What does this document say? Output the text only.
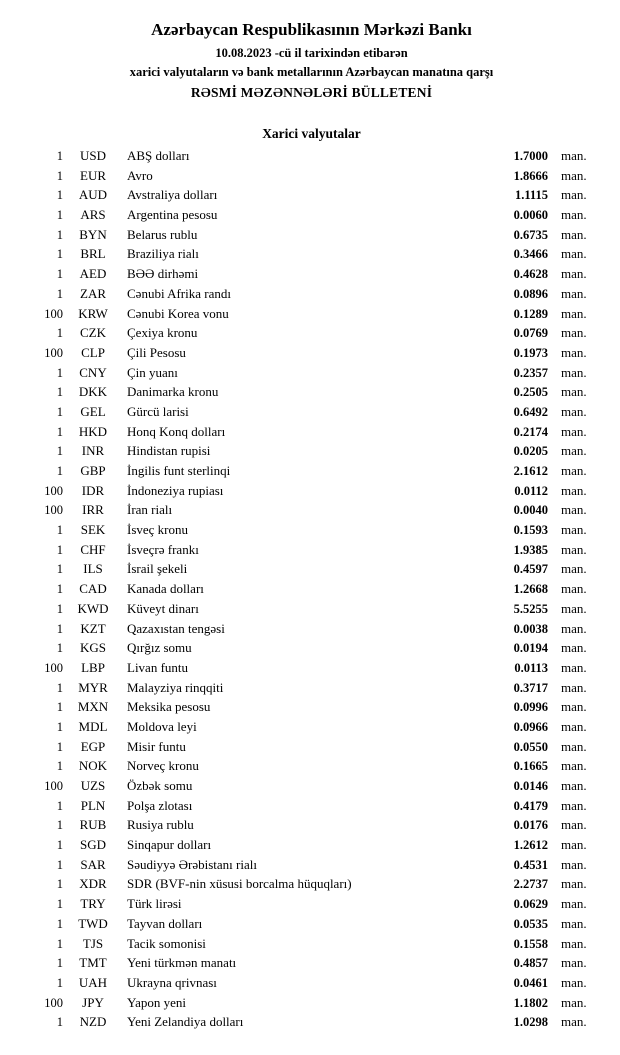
Azərbaycan Respublikasının Mərkəzi Bankı
10.08.2023 -cü il tarixindən etibarən
xarici valyutaların və bank metallarının Azərbaycan manatına qarşı
RƏSMİ MƏZƏNNƏLƏRİ BÜLLETENİ
Xarici valyutalar
1	USD	ABŞ dolları	1.7000	man.
1	EUR	Avro	1.8666	man.
1	AUD	Avstraliya dolları	1.1115	man.
1	ARS	Argentina pesosu	0.0060	man.
1	BYN	Belarus rublu	0.6735	man.
1	BRL	Braziliya rialı	0.3466	man.
1	AED	BƏƏ dirhəmi	0.4628	man.
1	ZAR	Cənubi Afrika randı	0.0896	man.
100	KRW	Cənubi Korea vonu	0.1289	man.
1	CZK	Çexiya kronu	0.0769	man.
100	CLP	Çili Pesosu	0.1973	man.
1	CNY	Çin yuanı	0.2357	man.
1	DKK	Danimarka kronu	0.2505	man.
1	GEL	Gürcü larisi	0.6492	man.
1	HKD	Honq Konq dolları	0.2174	man.
1	INR	Hindistan rupisi	0.0205	man.
1	GBP	İngilis funt sterlinqi	2.1612	man.
100	IDR	İndoneziya rupiası	0.0112	man.
100	IRR	İran rialı	0.0040	man.
1	SEK	İsveç kronu	0.1593	man.
1	CHF	İsveçrə frankı	1.9385	man.
1	ILS	İsrail şekeli	0.4597	man.
1	CAD	Kanada dolları	1.2668	man.
1	KWD	Küveyt dinarı	5.5255	man.
1	KZT	Qazaxıstan tengəsi	0.0038	man.
1	KGS	Qırğız somu	0.0194	man.
100	LBP	Livan funtu	0.0113	man.
1	MYR	Malayziya rinqqiti	0.3717	man.
1	MXN	Meksika pesosu	0.0996	man.
1	MDL	Moldova leyi	0.0966	man.
1	EGP	Misir funtu	0.0550	man.
1	NOK	Norveç kronu	0.1665	man.
100	UZS	Özbək somu	0.0146	man.
1	PLN	Polşa zlotası	0.4179	man.
1	RUB	Rusiya rublu	0.0176	man.
1	SGD	Sinqapur dolları	1.2612	man.
1	SAR	Səudiyyə Ərəbistanı rialı	0.4531	man.
1	XDR	SDR (BVF-nin xüsusi borcalma hüquqları)	2.2737	man.
1	TRY	Türk lirəsi	0.0629	man.
1	TWD	Tayvan dolları	0.0535	man.
1	TJS	Tacik somonisi	0.1558	man.
1	TMT	Yeni türkmən manatı	0.4857	man.
1	UAH	Ukrayna qrivnası	0.0461	man.
100	JPY	Yapon yeni	1.1802	man.
1	NZD	Yeni Zelandiya dolları	1.0298	man.
